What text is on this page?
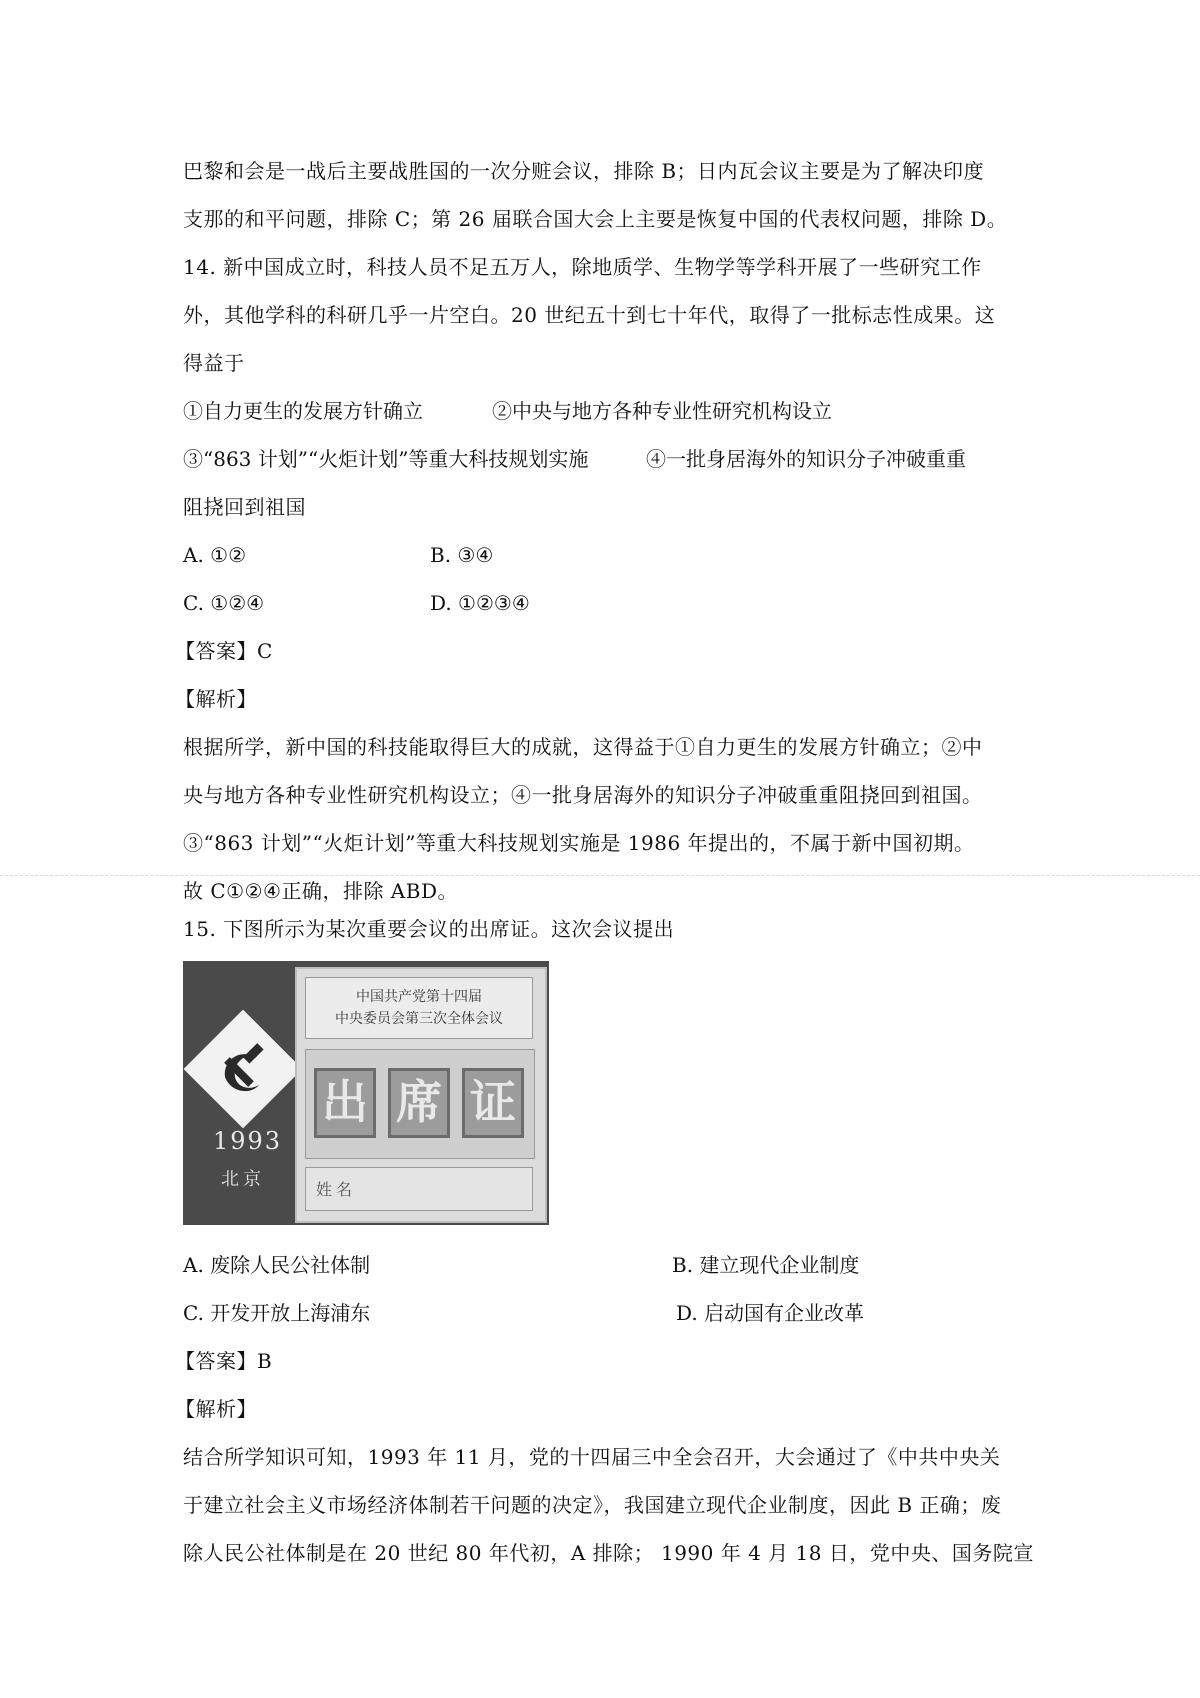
巴黎和会是一战后主要战胜国的一次分赃会议，排除 B；日内瓦会议主要是为了解决印度
支那的和平问题，排除 C；第 26 届联合国大会上主要是恢复中国的代表权问题，排除 D。
14. 新中国成立时，科技人员不足五万人，除地质学、生物学等学科开展了一些研究工作
外，其他学科的科研几乎一片空白。20 世纪五十到七十年代，取得了一批标志性成果。这
得益于
①自力更生的发展方针确立	②中央与地方各种专业性研究机构设立
③“863 计划”“火炬计划”等重大科技规划实施	④一批身居海外的知识分子冲破重重
阻挠回到祖国
A. ①②	B. ③④
C. ①②④	D. ①②③④
【答案】C
【解析】
根据所学，新中国的科技能取得巨大的成就，这得益于①自力更生的发展方针确立；②中
央与地方各种专业性研究机构设立；④一批身居海外的知识分子冲破重重阻挠回到祖国。
③“863 计划”“火炬计划”等重大科技规划实施是 1986 年提出的，不属于新中国初期。
故 C①②④正确，排除 ABD。
15. 下图所示为某次重要会议的出席证。这次会议提出
1993
北京
中国共产党第十四届
中央委员会第三次全体会议
出 席 证
姓名
A. 废除人民公社体制	B. 建立现代企业制度
C. 开发开放上海浦东	D. 启动国有企业改革
【答案】B
【解析】
结合所学知识可知，1993 年 11 月，党的十四届三中全会召开，大会通过了《中共中央关
于建立社会主义市场经济体制若干问题的决定》，我国建立现代企业制度，因此 B 正确；废
除人民公社体制是在 20 世纪 80 年代初，A 排除； 1990 年 4 月 18 日，党中央、国务院宣
